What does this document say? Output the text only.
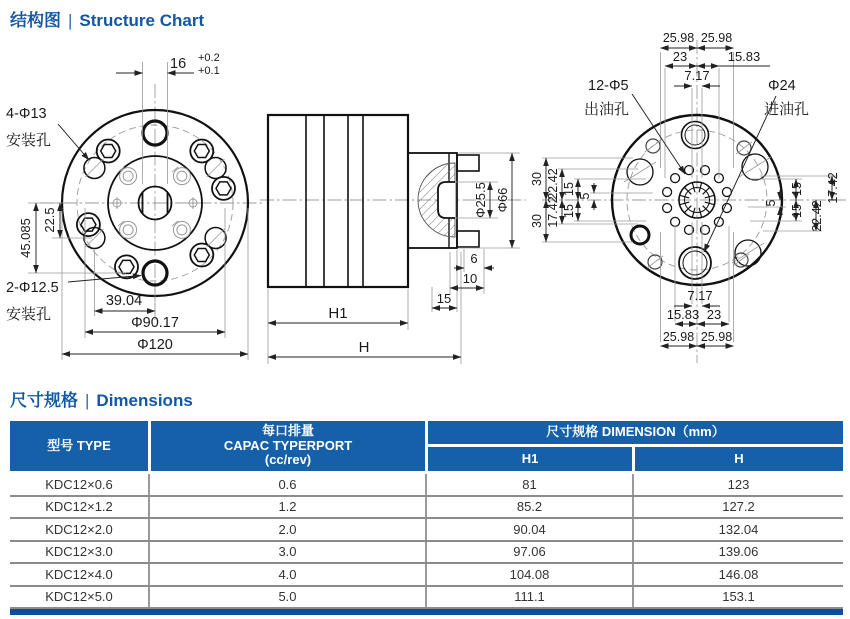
结构图 | Structure Chart
16 +0.2
+0.1
45.085 22.5
39.04
Φ90.17
Φ120
4-Φ13
安装孔
2-Φ12.5
安装孔
Φ25.5 Φ66
6
10
15
H1
H
25.98 25.98
23	15.83
7.17
7.17
15.83 23
25.98 25.98
30
30
22.42
17.42
15
15
5	17.42
15
15
5	22.42
12-Φ5
出油孔
Φ24
进油孔
尺寸规格 | Dimensions
型号 TYPE
每口排量
CAPAC TYPERPORT
(cc/rev)
尺寸规格 DIMENSION（mm）
H1	H
KDC12×0.6	0.6	81	123
KDC12×1.2	1.2	85.2	127.2
KDC12×2.0	2.0	90.04	132.04
KDC12×3.0	3.0	97.06	139.06
KDC12×4.0	4.0	104.08	146.08
KDC12×5.0	5.0	111.1	153.1
